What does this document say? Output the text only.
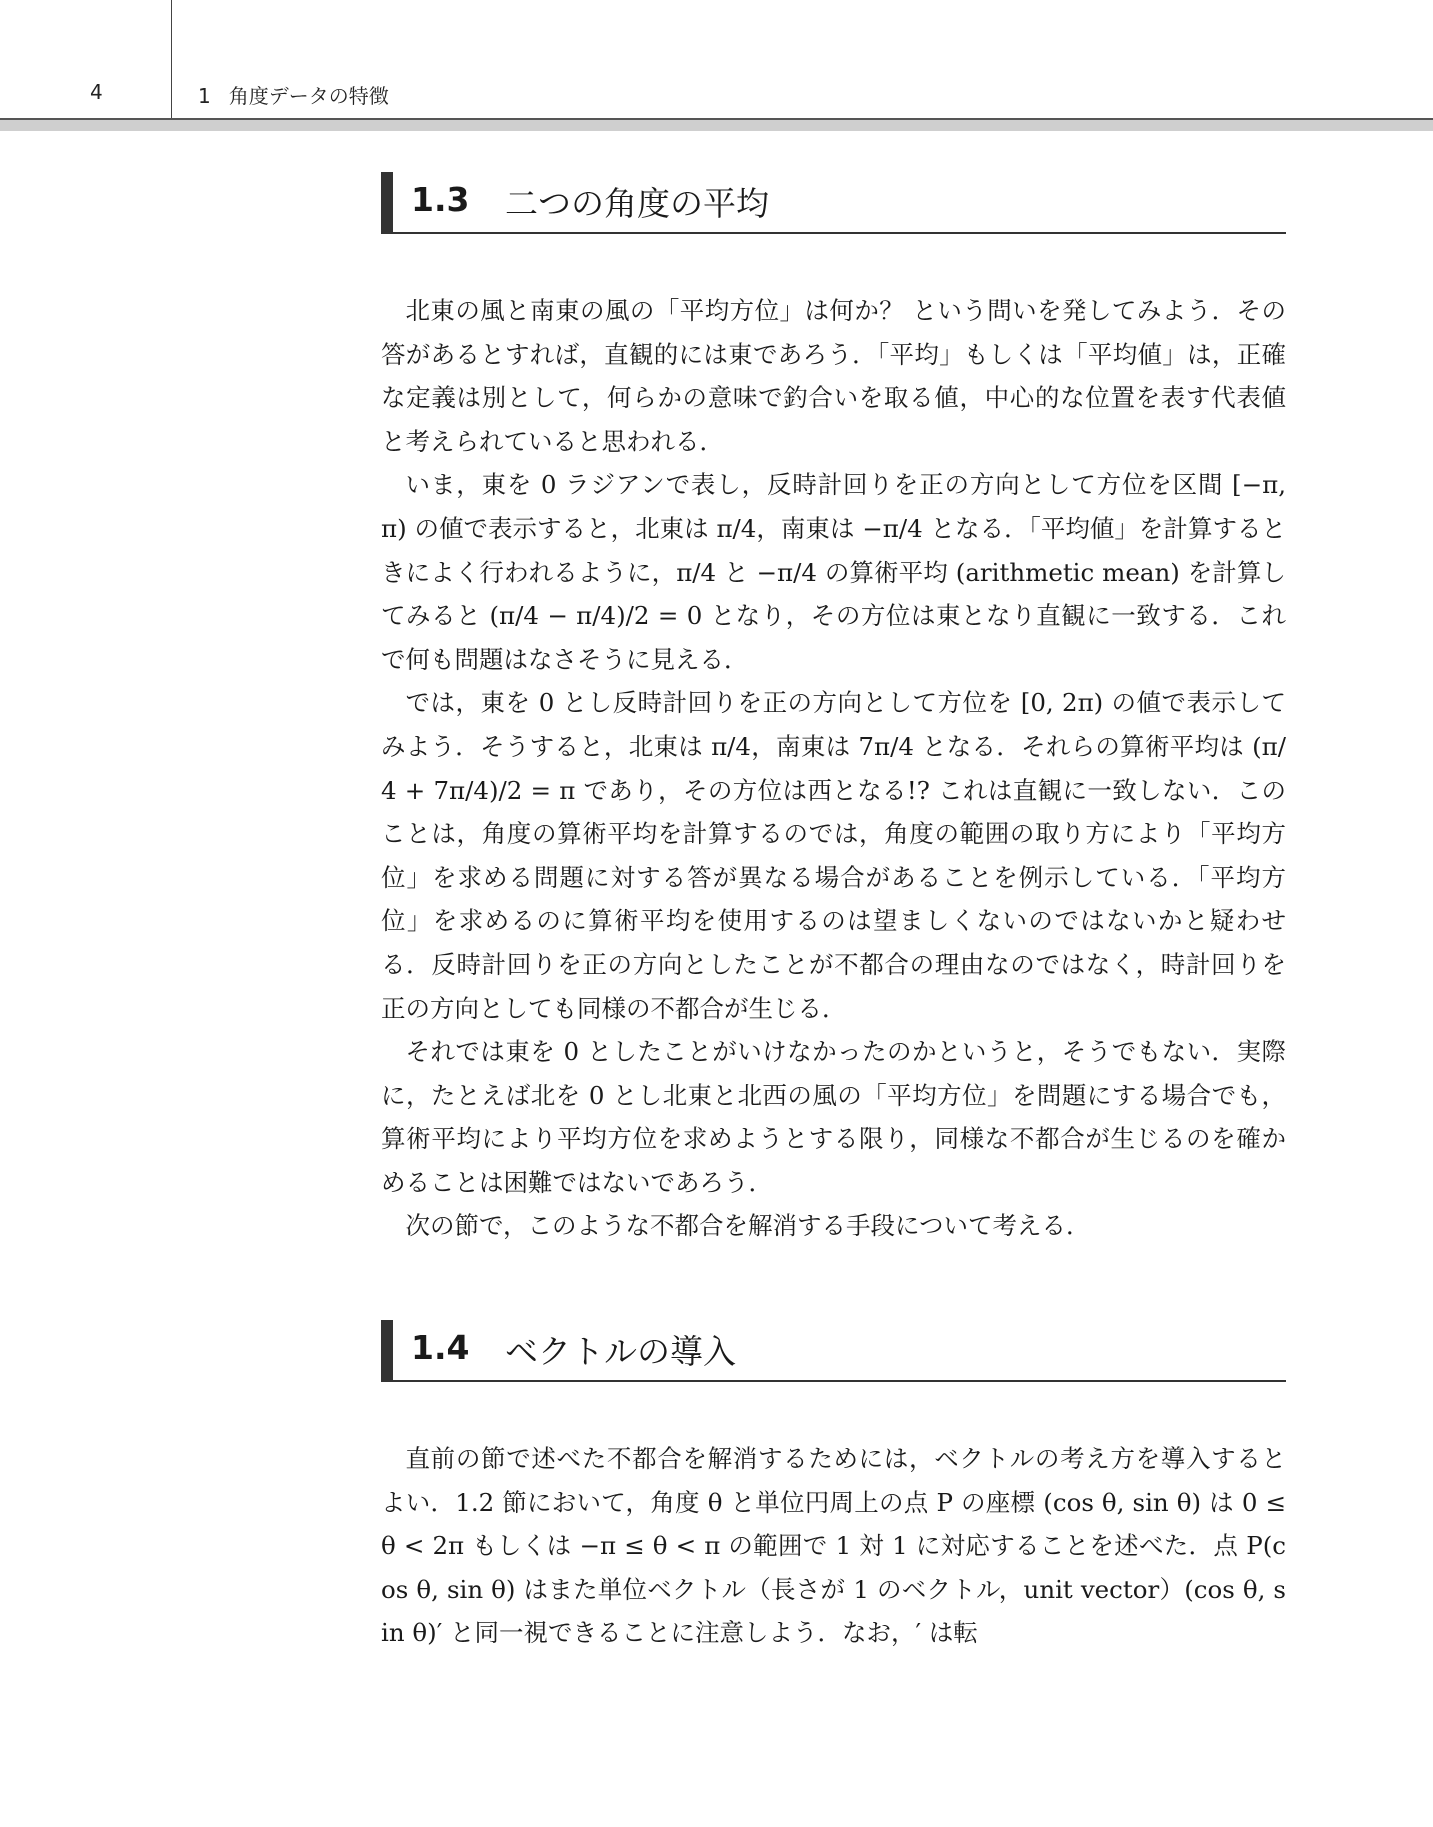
4	1 角度データの特徴
1.3 二つの角度の平均

北東の風と南東の風の「平均方位」は何か？ という問いを発してみよう．その答があるとすれば，直観的には東であろう．「平均」もしくは「平均値」は，正確な定義は別として，何らかの意味で釣合いを取る値，中心的な位置を表す代表値と考えられていると思われる．

いま，東を 0 ラジアンで表し，反時計回りを正の方向として方位を区間 [−π, π) の値で表示すると，北東は π/4，南東は −π/4 となる．「平均値」を計算するときによく行われるように，π/4 と −π/4 の算術平均 (arithmetic mean) を計算してみると (π/4 − π/4)/2 = 0 となり，その方位は東となり直観に一致する．これで何も問題はなさそうに見える．

では，東を 0 とし反時計回りを正の方向として方位を [0, 2π) の値で表示してみよう．そうすると，北東は π/4，南東は 7π/4 となる．それらの算術平均は (π/4 + 7π/4)/2 = π であり，その方位は西となる!? これは直観に一致しない．このことは，角度の算術平均を計算するのでは，角度の範囲の取り方により「平均方位」を求める問題に対する答が異なる場合があることを例示している．「平均方位」を求めるのに算術平均を使用するのは望ましくないのではないかと疑わせる．反時計回りを正の方向としたことが不都合の理由なのではなく，時計回りを正の方向としても同様の不都合が生じる．

それでは東を 0 としたことがいけなかったのかというと，そうでもない．実際に，たとえば北を 0 とし北東と北西の風の「平均方位」を問題にする場合でも，算術平均により平均方位を求めようとする限り，同様な不都合が生じるのを確かめることは困難ではないであろう．

次の節で，このような不都合を解消する手段について考える．

1.4 ベクトルの導入

直前の節で述べた不都合を解消するためには，ベクトルの考え方を導入するとよい．1.2 節において，角度 θ と単位円周上の点 P の座標 (cos θ, sin θ) は 0 ≤ θ < 2π もしくは −π ≤ θ < π の範囲で 1 対 1 に対応することを述べた．点 P(cos θ, sin θ) はまた単位ベクトル（長さが 1 のベクトル，unit vector）(cos θ, sin θ)′ と同一視できることに注意しよう．なお，′ は転
